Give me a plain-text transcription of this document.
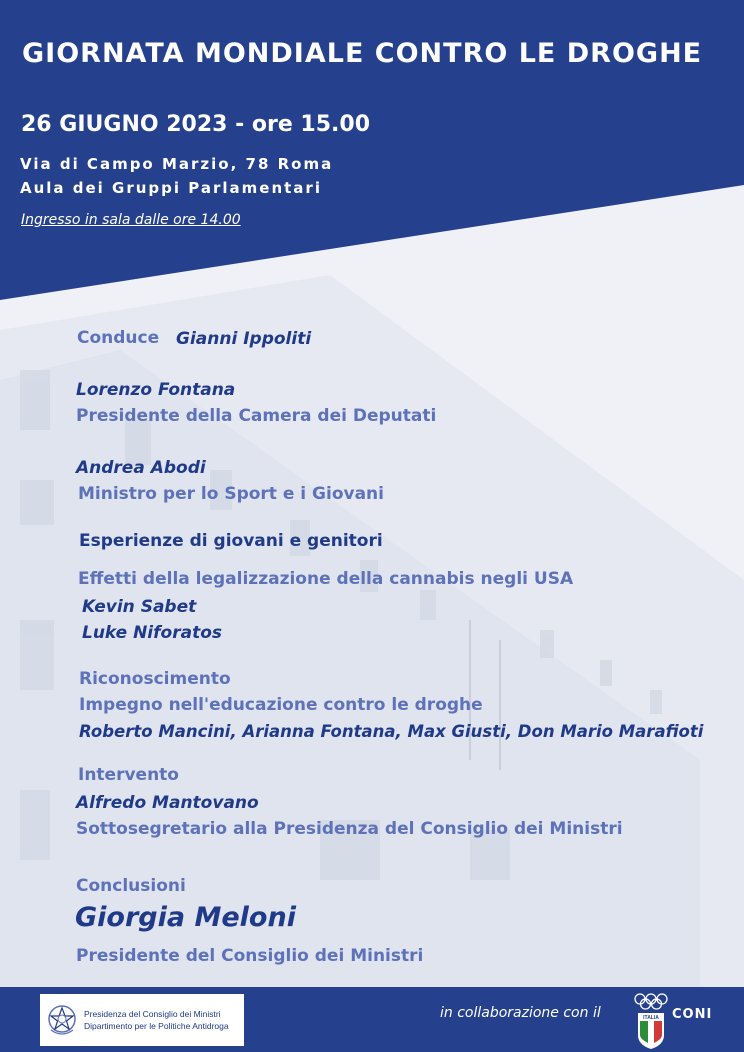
GIORNATA MONDIALE CONTRO LE DROGHE
26 GIUGNO 2023 - ore 15.00
Via di Campo Marzio, 78 Roma
Aula dei Gruppi Parlamentari
Ingresso in sala dalle ore 14.00
Conduce Gianni Ippoliti
Lorenzo Fontana
Presidente della Camera dei Deputati
Andrea Abodi
Ministro per lo Sport e i Giovani
Esperienze di giovani e genitori
Effetti della legalizzazione della cannabis negli USA
Kevin Sabet
Luke Niforatos
Riconoscimento
Impegno nell'educazione contro le droghe
Roberto Mancini, Arianna Fontana, Max Giusti, Don Mario Marafioti
Intervento
Alfredo Mantovano
Sottosegretario alla Presidenza del Consiglio dei Ministri
Conclusioni
Giorgia Meloni
Presidente del Consiglio dei Ministri
Presidenza del Consiglio dei Ministri
Dipartimento per le Politiche Antidroga
in collaborazione con il	ITALIA CONI
